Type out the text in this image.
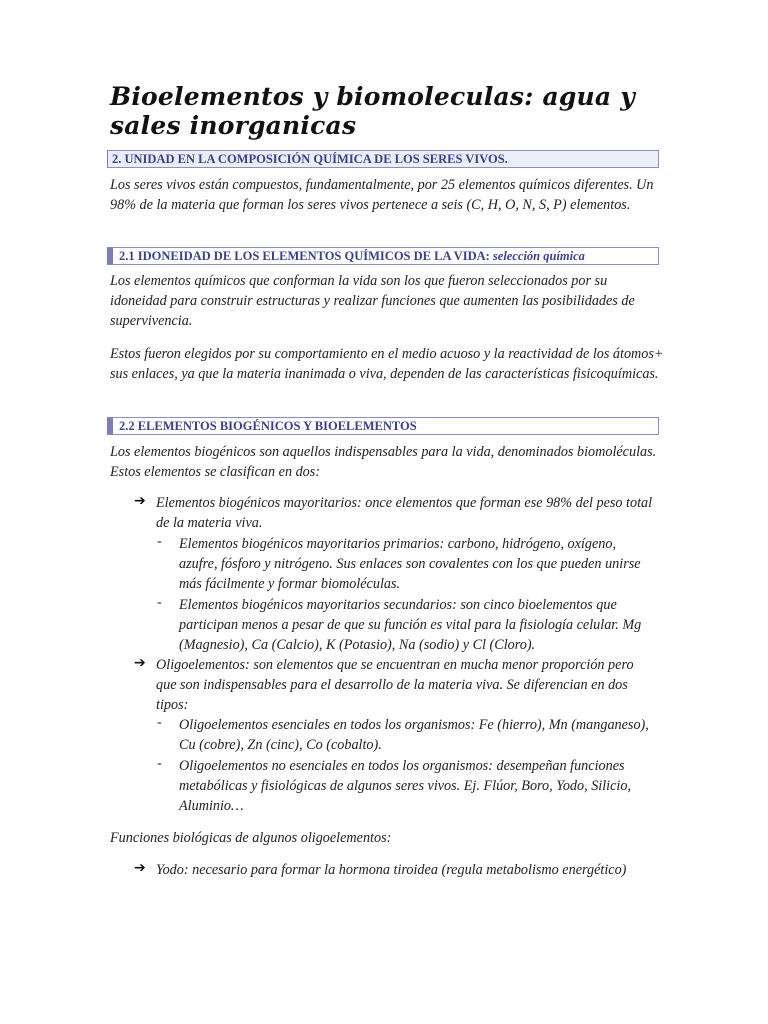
Bioelementos y biomoleculas: agua y sales inorganicas
2. UNIDAD EN LA COMPOSICIÓN QUÍMICA DE LOS SERES VIVOS.
Los seres vivos están compuestos, fundamentalmente, por 25 elementos químicos diferentes. Un 98% de la materia que forman los seres vivos pertenece a seis (C, H, O, N, S, P) elementos.
2.1 IDONEIDAD DE LOS ELEMENTOS QUÍMICOS DE LA VIDA: selección química
Los elementos químicos que conforman la vida son los que fueron seleccionados por su idoneidad para construir estructuras y realizar funciones que aumenten las posibilidades de supervivencia.
Estos fueron elegidos por su comportamiento en el medio acuoso y la reactividad de los átomos+ sus enlaces, ya que la materia inanimada o viva, dependen de las características fisicoquímicas.
2.2 ELEMENTOS BIOGÉNICOS Y BIOELEMENTOS
Los elementos biogénicos son aquellos indispensables para la vida, denominados biomoléculas. Estos elementos se clasifican en dos:
➔ Elementos biogénicos mayoritarios: once elementos que forman ese 98% del peso total de la materia viva.
- Elementos biogénicos mayoritarios primarios: carbono, hidrógeno, oxígeno, azufre, fósforo y nitrógeno. Sus enlaces son covalentes con los que pueden unirse más fácilmente y formar biomoléculas.
- Elementos biogénicos mayoritarios secundarios: son cinco bioelementos que participan menos a pesar de que su función es vital para la fisiología celular. Mg (Magnesio), Ca (Calcio), K (Potasio), Na (sodio) y Cl (Cloro).
➔ Oligoelementos: son elementos que se encuentran en mucha menor proporción pero que son indispensables para el desarrollo de la materia viva. Se diferencian en dos tipos:
- Oligoelementos esenciales en todos los organismos: Fe (hierro), Mn (manganeso), Cu (cobre), Zn (cinc), Co (cobalto).
- Oligoelementos no esenciales en todos los organismos: desempeñan funciones metabólicas y fisiológicas de algunos seres vivos. Ej. Flúor, Boro, Yodo, Silicio, Aluminio…
Funciones biológicas de algunos oligoelementos:
➔ Yodo: necesario para formar la hormona tiroidea (regula metabolismo energético)
